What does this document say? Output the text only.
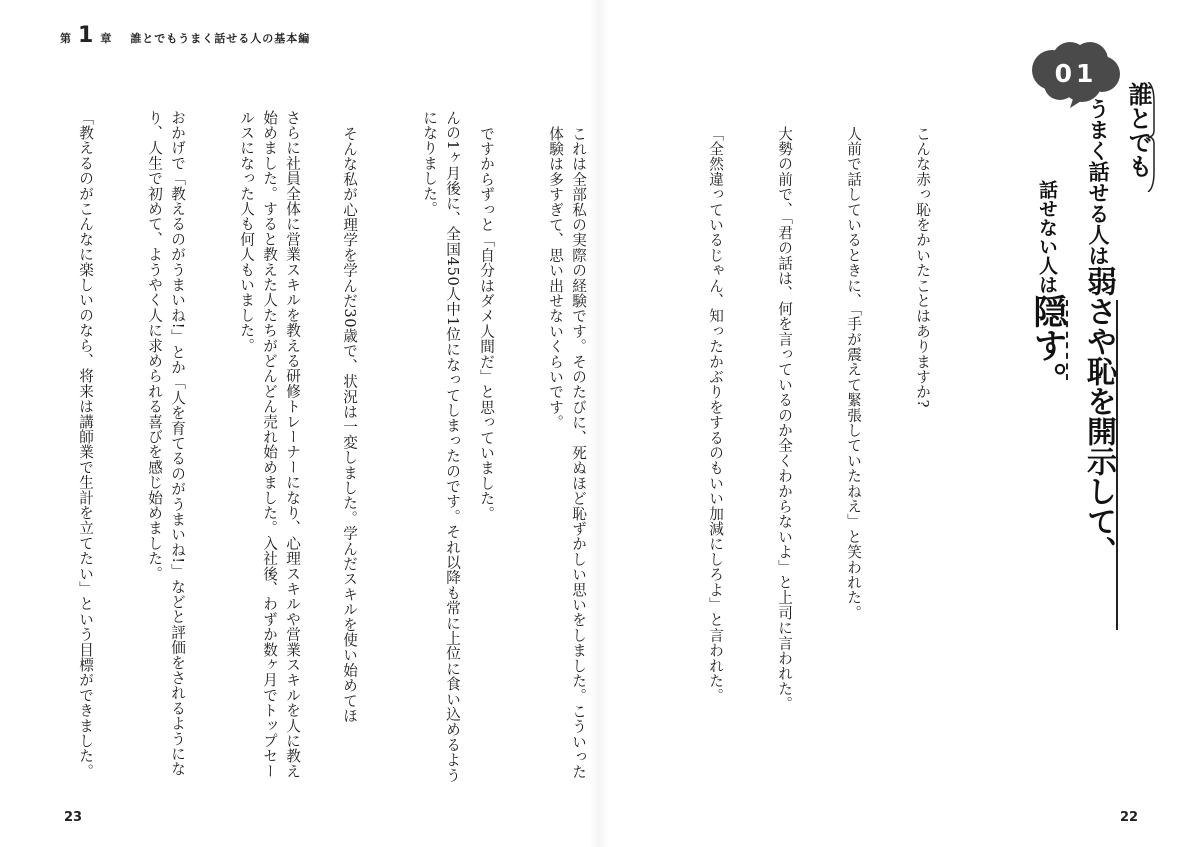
第 1 章 誰とでもうまく話せる人の基本編

こんな赤っ恥をかいたことはありますか?

人前で話しているときに、「手が震えて緊張していたねえ」と笑われた。

大勢の前で、「君の話は、何を言っているのか全くわからないよ」と上司に言われた。

「全然違っているじゃん、知ったかぶりをするのもいい加減にしろよ」と言われた。

これは全部私の実際の経験です。そのたびに、死ぬほど恥ずかしい思いをしました。こういった体験は多すぎて、思い出せないくらいです。

ですからずっと「自分はダメ人間だ」と思っていました。

そんな私が心理学を学んだ30歳で、状況は一変しました。学んだスキルを使い始めてほ

	んの1ヶ月後に、全国450人中1位になってしまったのです。それ以降も常に上位に食い込めるようになりました。

さらに社員全体に営業スキルを教える研修トレーナーになり、心理スキルや営業スキルを人に教え始めました。すると教えた人たちがどんどん売れ始めました。入社後、わずか数ヶ月でトップセールスになった人も何人もいました。

おかげで「教えるのがうまいね!」とか「人を育てるのがうまいね!」などと評価をされるようになり、人生で初めて、ようやく人に求められる喜びを感じ始めました。

「教えるのがこんなに楽しいのなら、将来は講師業で生計を立てたい」という目標ができました。

01
誰とでも
うまく話せる人は弱さや恥を開示して、
話せない人は隠す。
23	22
